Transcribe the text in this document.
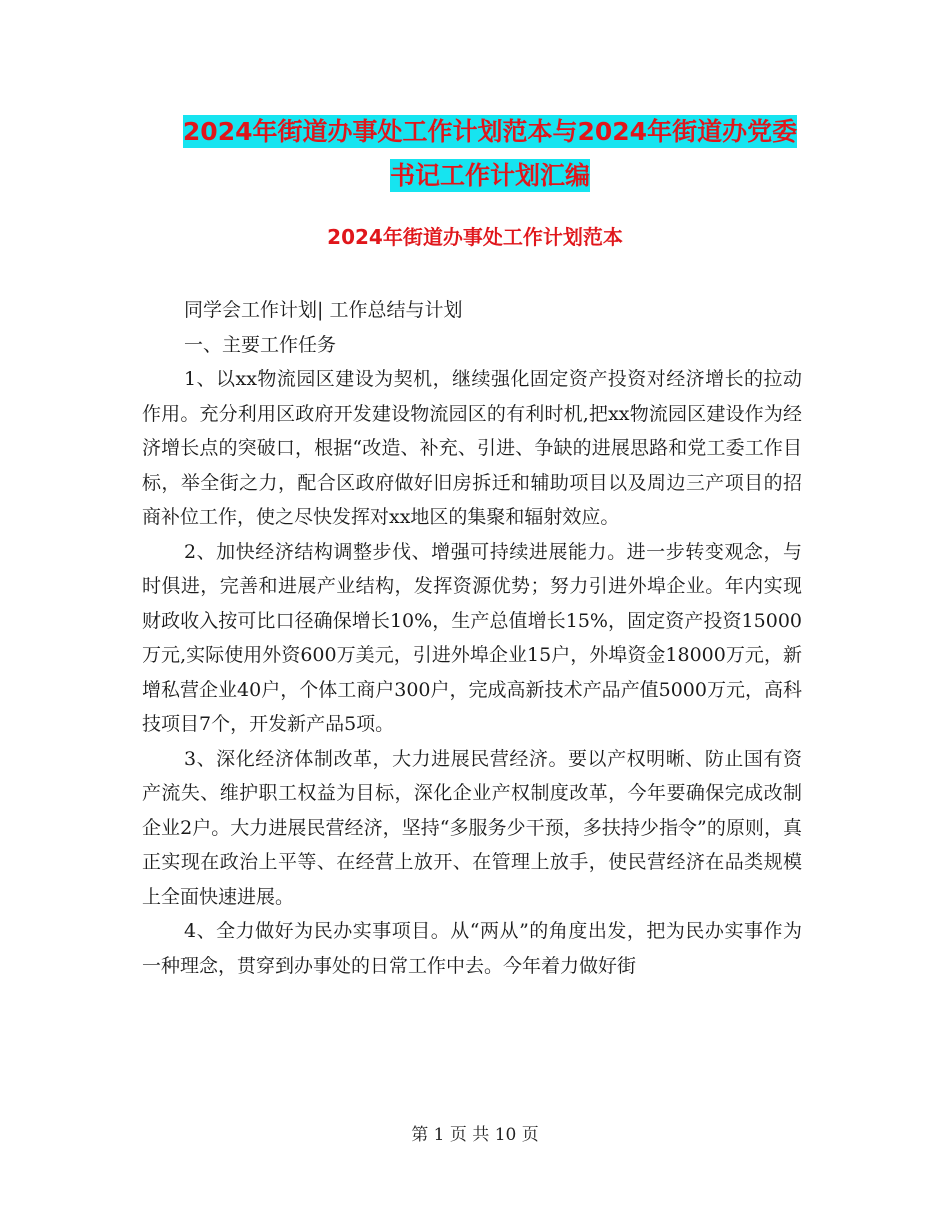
2024年街道办事处工作计划范本与2024年街道办党委
书记工作计划汇编
2024年街道办事处工作计划范本

同学会工作计划| 工作总结与计划

一、主要工作任务

1、以xx物流园区建设为契机，继续强化固定资产投资对经济增长的拉动作用。充分利用区政府开发建设物流园区的有利时机,把xx物流园区建设作为经济增长点的突破口，根据“改造、补充、引进、争缺的进展思路和党工委工作目标，举全街之力，配合区政府做好旧房拆迁和辅助项目以及周边三产项目的招商补位工作，使之尽快发挥对xx地区的集聚和辐射效应。

2、加快经济结构调整步伐、增强可持续进展能力。进一步转变观念，与时俱进，完善和进展产业结构，发挥资源优势；努力引进外埠企业。年内实现财政收入按可比口径确保增长10%，生产总值增长15%，固定资产投资15000万元,实际使用外资600万美元，引进外埠企业15户，外埠资金18000万元，新增私营企业40户，个体工商户300户，完成高新技术产品产值5000万元，高科技项目7个，开发新产品5项。

3、深化经济体制改革，大力进展民营经济。要以产权明晰、防止国有资产流失、维护职工权益为目标，深化企业产权制度改革，今年要确保完成改制企业2户。大力进展民营经济，坚持“多服务少干预，多扶持少指令”的原则，真正实现在政治上平等、在经营上放开、在管理上放手，使民营经济在品类规模上全面快速进展。

4、全力做好为民办实事项目。从“两从”的角度出发，把为民办实事作为一种理念，贯穿到办事处的日常工作中去。今年着力做好街

第 1 页 共 10 页
